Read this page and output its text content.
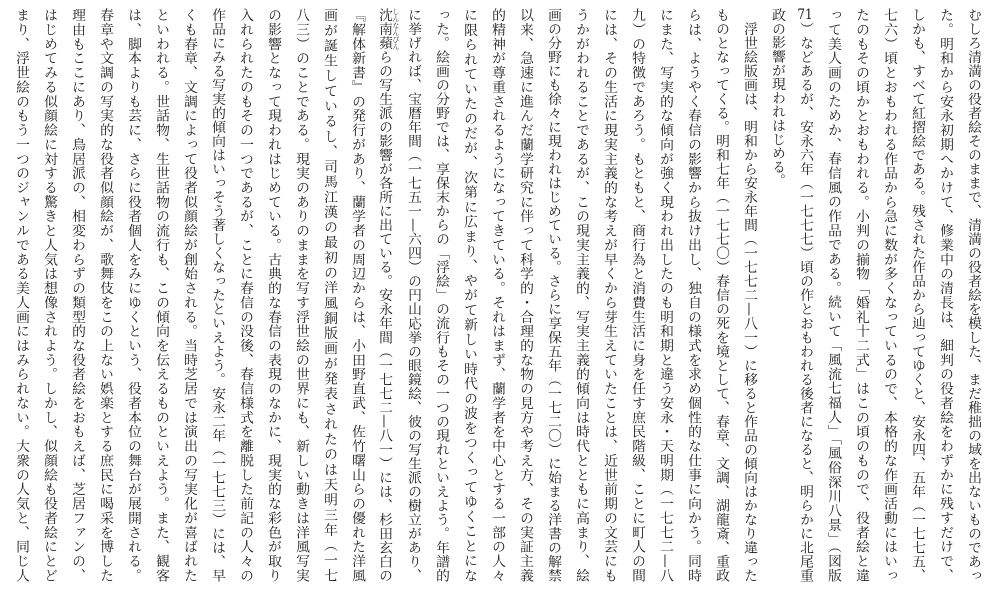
むしろ清満の役者絵そのままで、清満の役者絵を模した、まだ稚拙の域を出ないものであっ
た。明和から安永初期へかけて、修業中の清長は、細判の役者絵をわずかに残すだけで、
しかも、すべて紅摺絵である。残された作品から辿ってゆくと、安永四、五年（一七七五、
七六）頃とおもわれる作品から急に数が多くなっているので、本格的な作画活動にはいっ
たのもその頃かとおもわれる。小判の揃物「婚礼十二式」はこの頃のもので、役者絵と違
って美人画のためか、春信風の作品である。続いて「風流七福人」「風俗深川八景」（図版
71）などあるが、安永六年（一七七七）頃の作とおもわれる後者になると、明らかに北尾重
政の影響が現われはじめる。
　浮世絵版画は、明和から安永年間（一七七二—八一）に移ると作品の傾向はかなり違った
ものとなってくる。明和七年（一七七〇）春信の死を境として、春章、文調、湖龍斎、重政
らは、ようやく春信の影響から抜け出し、独自の様式を求め個性的な仕事に向かう。同時
にまた、写実的な傾向が強く現われ出したのも明和期と違う安永・天明期（一七七二—八
九）の特徴であろう。もともと、商行為と消費生活に身を任す庶民階級、ことに町人の間
には、その生活に現実主義的な考えが早くから芽生えていたことは、近世前期の文芸にも
うかがわれることであるが、この現実主義的、写実主義的傾向は時代とともに高まり、絵
画の分野にも徐々に現われはじめている。さらに享保五年（一七二〇）に始まる洋書の解禁
以来、急速に進んだ蘭学研究に伴って科学的・合理的な物の見方や考え方、その実証主義
的精神が尊重されるようになってきている。それはまず、蘭学者を中心とする一部の人々
に限られていたのだが、次第に広まり、やがて新しい時代の波をつくってゆくことにな
った。絵画の分野では、享保末からの「浮絵」の流行もその一つの現れといえよう。年譜的
に挙げれば、宝暦年間（一七五一—六四）の円山応挙の眼鏡絵、彼の写生派の樹立があり、
沈南蘋 しんなんびんらの写生派の影響が各所に出ている。安永年間（一七七二—八一）には、杉田玄白の
『解体新書』の発行があり、蘭学者の周辺からは、小田野直武、佐竹曙山らの優れた洋風
画が誕生しているし、司馬江漢の最初の洋風銅版画が発表されたのは天明三年（一七
八三）のことである。現実のありのままを写す浮世絵の世界にも、新しい動きは洋風写実
の影響となって現われはじめている。古典的な春信の表現のなかに、現実的な彩色が取り
入れられたのもその一つであるが、ことに春信の没後、春信様式を離脱した前記の人々の
作品にみる写実的傾向はいっそう著しくなったといえよう。安永二年（一七七三）には、早
くも春章、文調によって役者似顔絵が創始される。当時芝居では演出の写実化が喜ばれた
といわれる。世話物、生世話物の流行も、この傾向を伝えるものといえよう。また、観客
は、脚本よりも芸に、さらに役者個人をみにゆくという、役者本位の舞台が展開される。
春章や文調の写実的な役者似顔絵が、歌舞伎をこの上ない娯楽とする庶民に喝采を博した
理由もここにあり、鳥居派の、相変わらずの類型的な役者絵をおもえば、芝居ファンの、
はじめてみる似顔絵に対する驚きと人気は想像されよう。しかし、似顔絵も役者絵にとど
まり、浮世絵のもう一つのジャンルである美人画にはみられない。大衆の人気と、同じ人
